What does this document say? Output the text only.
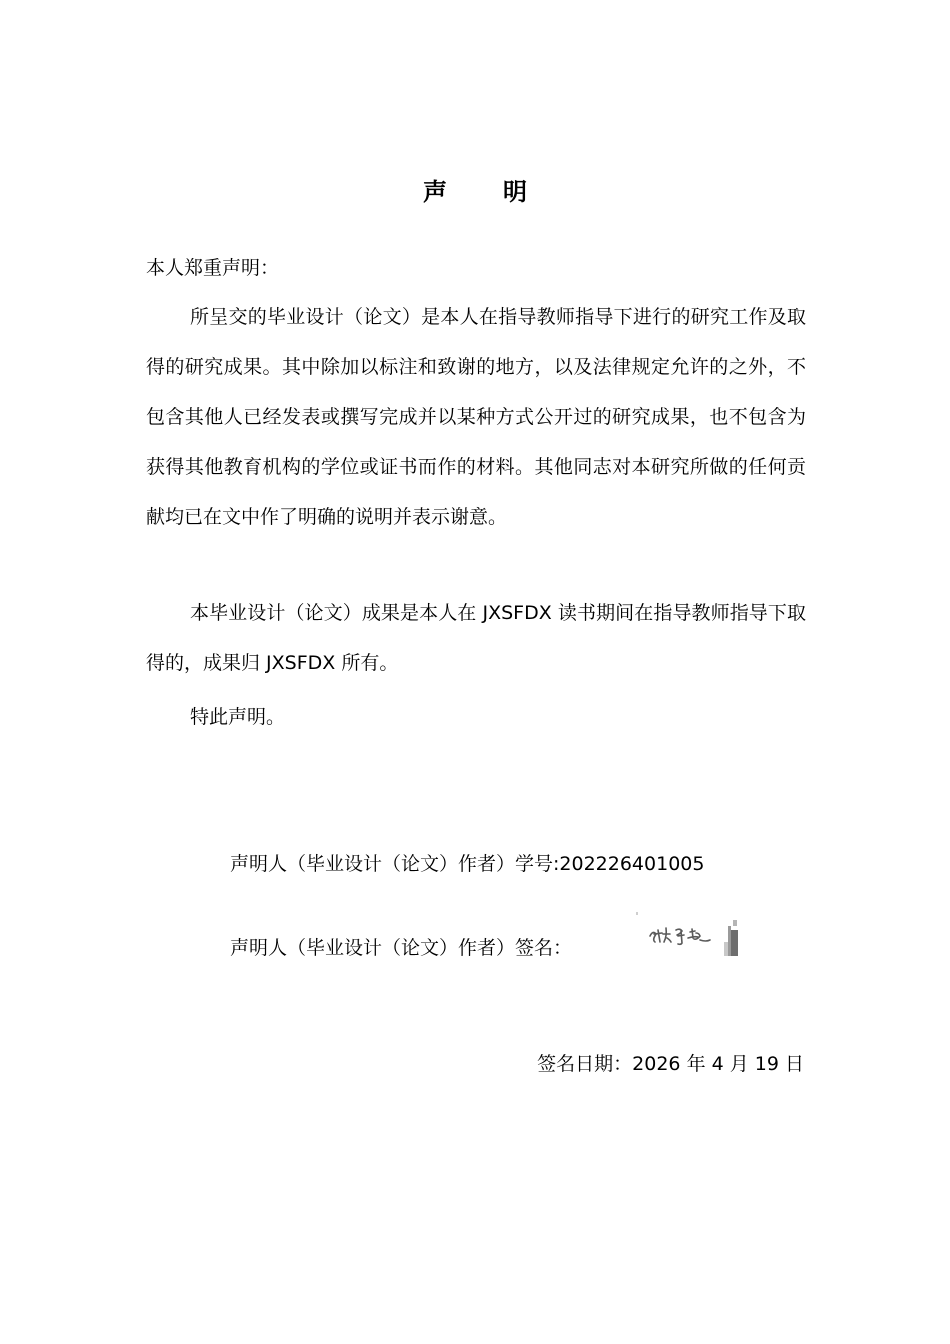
声明
本人郑重声明：

所呈交的毕业设计（论文）是本人在指导教师指导下进行的研究工作及取得的研究成果。其中除加以标注和致谢的地方，以及法律规定允许的之外，不包含其他人已经发表或撰写完成并以某种方式公开过的研究成果，也不包含为获得其他教育机构的学位或证书而作的材料。其他同志对本研究所做的任何贡献均已在文中作了明确的说明并表示谢意。

本毕业设计（论文）成果是本人在 JXSFDX 读书期间在指导教师指导下取得的，成果归 JXSFDX 所有。

特此声明。

声明人（毕业设计（论文）作者）学号:202226401005
声明人（毕业设计（论文）作者）签名：
签名日期：2026 年 4 月 19 日
